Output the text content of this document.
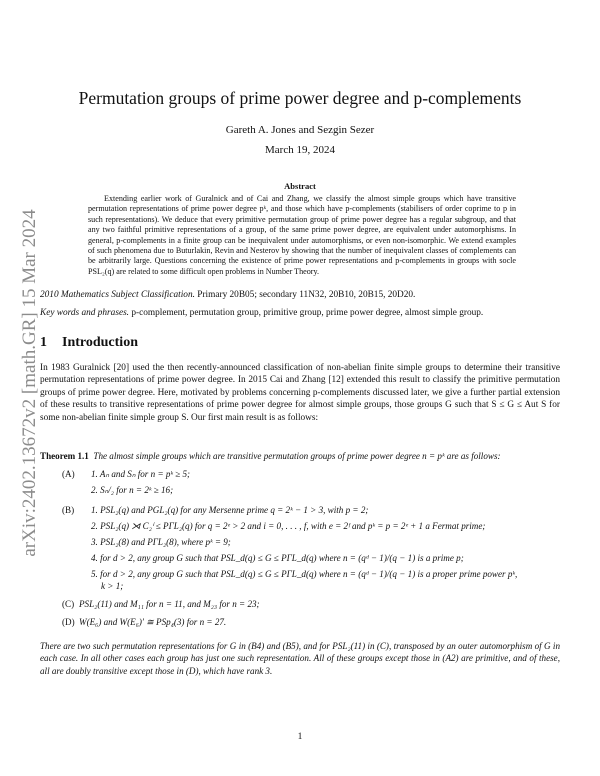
arXiv:2402.13672v2 [math.GR] 15 Mar 2024
Permutation groups of prime power degree and p-complements
Gareth A. Jones and Sezgin Sezer
March 19, 2024
Abstract
Extending earlier work of Guralnick and of Cai and Zhang, we classify the almost simple groups which have transitive permutation representations of prime power degree pᵏ, and those which have p-complements (stabilisers of order coprime to p in such representations). We deduce that every primitive permutation group of prime power degree has a regular subgroup, and that any two faithful primitive representations of a group, of the same prime power degree, are equivalent under automorphisms. In general, p-complements in a finite group can be inequivalent under automorphisms, or even non-isomorphic. We extend examples of such phenomena due to Buturlakin, Revin and Nesterov by showing that the number of inequivalent classes of complements can be arbitrarily large. Questions concerning the existence of prime power representations and p-complements in groups with socle PSL₂(q) are related to some difficult open problems in Number Theory.
2010 Mathematics Subject Classification. Primary 20B05; secondary 11N32, 20B10, 20B15, 20D20.
Key words and phrases. p-complement, permutation group, primitive group, prime power degree, almost simple group.
1 Introduction
In 1983 Guralnick [20] used the then recently-announced classification of non-abelian finite simple groups to determine their transitive permutation representations of prime power degree. In 2015 Cai and Zhang [12] extended this result to classify the primitive permutation groups of prime power degree. Here, motivated by problems concerning p-complements discussed later, we give a further partial extension of these results to transitive representations of prime power degree for almost simple groups, those groups G such that S ≤ G ≤ Aut S for some non-abelian finite simple group S. Our first main result is as follows:
Theorem 1.1 The almost simple groups which are transitive permutation groups of prime power degree n = pᵏ are as follows:
(A) 1. Aₙ and Sₙ for n = pᵏ ≥ 5;
2. Sₙ/₂ for n = 2ᵏ ≥ 16;
(B) 1. PSL₂(q) and PGL₂(q) for any Mersenne prime q = 2ᵏ − 1 > 3, with p = 2;
2. PSL₂(q) ⋊ C₂ⁱ ≤ PΓL₂(q) for q = 2ᵉ > 2 and i = 0, . . . , f, with e = 2ᶠ and pᵏ = p = 2ᵉ + 1 a Fermat prime;
3. PSL₂(8) and PΓL₂(8), where pᵏ = 9;
4. for d > 2, any group G such that PSL_d(q) ≤ G ≤ PΓL_d(q) where n = (qᵈ − 1)/(q − 1) is a prime p;
5. for d > 2, any group G such that PSL_d(q) ≤ G ≤ PΓL_d(q) where n = (qᵈ − 1)/(q − 1) is a proper prime power pᵏ,
k > 1;
(C) PSL₂(11) and M₁₁ for n = 11, and M₂₃ for n = 23;
(D) W(E₆) and W(E₆)′ ≅ PSp₄(3) for n = 27.
There are two such permutation representations for G in (B4) and (B5), and for PSL₂(11) in (C), transposed by an outer automorphism of G in each case. In all other cases each group has just one such representation. All of these groups except those in (A2) are primitive, and of these, all are doubly transitive except those in (D), which have rank 3.
1
